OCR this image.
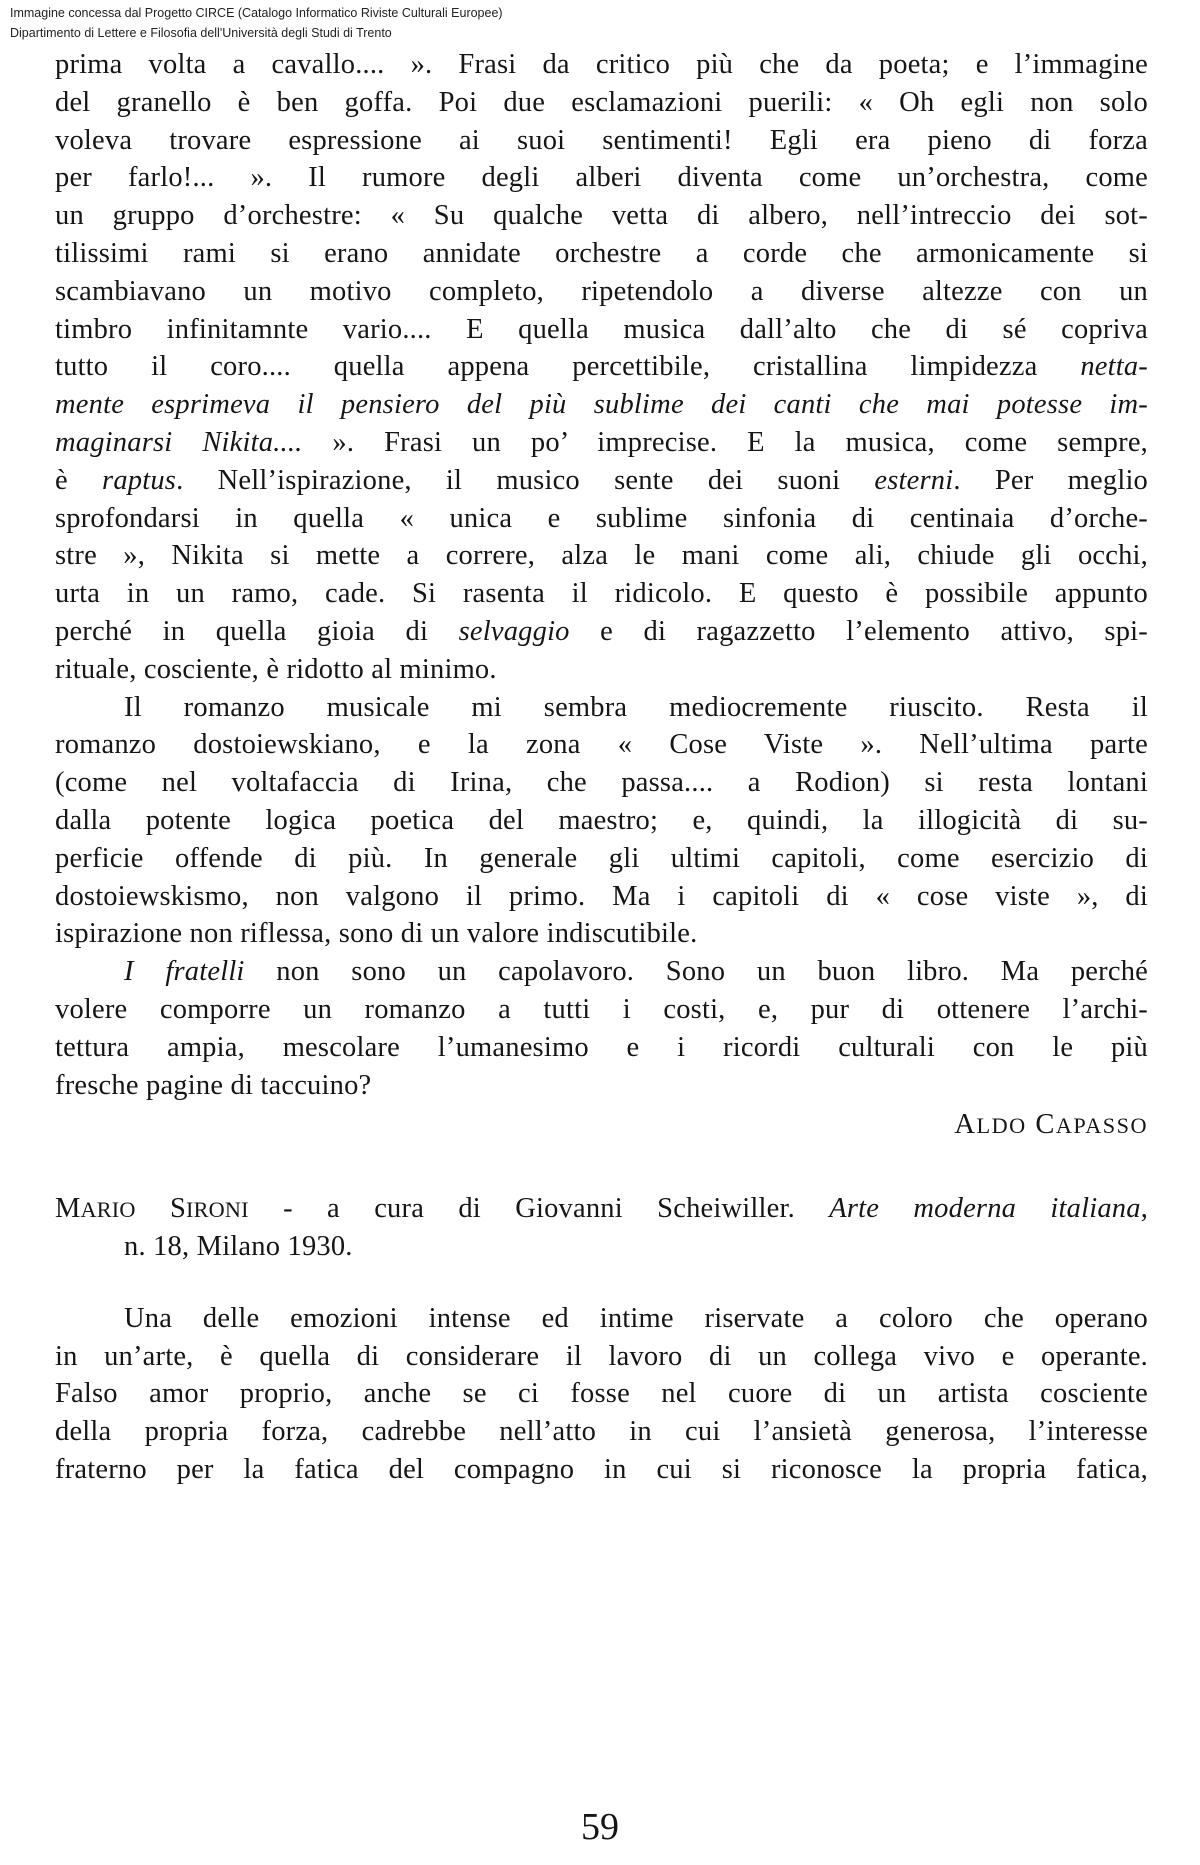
Immagine concessa dal Progetto CIRCE (Catalogo Informatico Riviste Culturali Europee)
Dipartimento di Lettere e Filosofia dell'Università degli Studi di Trento
prima volta a cavallo.... ». Frasi da critico più che da poeta; e l’immagine
del granello è ben goffa. Poi due esclamazioni puerili: « Oh egli non solo
voleva trovare espressione ai suoi sentimenti! Egli era pieno di forza
per farlo!... ». Il rumore degli alberi diventa come un’orchestra, come
un gruppo d’orchestre: « Su qualche vetta di albero, nell’intreccio dei sot-
tilissimi rami si erano annidate orchestre a corde che armonicamente si
scambiavano un motivo completo, ripetendolo a diverse altezze con un
timbro infinitamnte vario.... E quella musica dall’alto che di sé copriva
tutto il coro.... quella appena percettibile, cristallina limpidezza netta-
mente esprimeva il pensiero del più sublime dei canti che mai potesse im-
maginarsi Nikita.... ». Frasi un po’ imprecise. E la musica, come sempre,
è raptus. Nell’ispirazione, il musico sente dei suoni esterni. Per meglio
sprofondarsi in quella « unica e sublime sinfonia di centinaia d’orche-
stre », Nikita si mette a correre, alza le mani come ali, chiude gli occhi,
urta in un ramo, cade. Si rasenta il ridicolo. E questo è possibile appunto
perché in quella gioia di selvaggio e di ragazzetto l’elemento attivo, spi-
rituale, cosciente, è ridotto al minimo.
Il romanzo musicale mi sembra mediocremente riuscito. Resta il
romanzo dostoiewskiano, e la zona « Cose Viste ». Nell’ultima parte
(come nel voltafaccia di Irina, che passa.... a Rodion) si resta lontani
dalla potente logica poetica del maestro; e, quindi, la illogicità di su-
perficie offende di più. In generale gli ultimi capitoli, come esercizio di
dostoiewskismo, non valgono il primo. Ma i capitoli di « cose viste », di
ispirazione non riflessa, sono di un valore indiscutibile.
I fratelli non sono un capolavoro. Sono un buon libro. Ma perché
volere comporre un romanzo a tutti i costi, e, pur di ottenere l’archi-
tettura ampia, mescolare l’umanesimo e i ricordi culturali con le più
fresche pagine di taccuino?
ALDO CAPASSO
MARIO SIRONI - a cura di Giovanni Scheiwiller. Arte moderna italiana,
n. 18, Milano 1930.
Una delle emozioni intense ed intime riservate a coloro che operano
in un’arte, è quella di considerare il lavoro di un collega vivo e operante.
Falso amor proprio, anche se ci fosse nel cuore di un artista cosciente
della propria forza, cadrebbe nell’atto in cui l’ansietà generosa, l’interesse
fraterno per la fatica del compagno in cui si riconosce la propria fatica,
59
